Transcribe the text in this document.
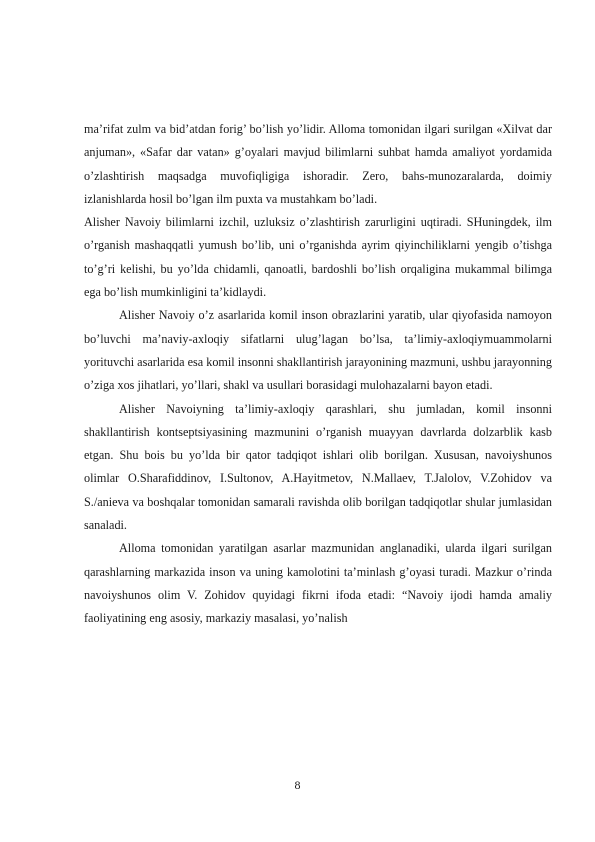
ma’rifat zulm va bid’atdan forig’ bo’lish yo’lidir. Alloma tomonidan ilgari surilgan «Xilvat dar anjuman», «Safar dar vatan» g’oyalari mavjud bilimlarni suhbat hamda amaliyot yordamida o’zlashtirish maqsadga muvofiqligiga ishoradir. Zero, bahs-munozaralarda, doimiy izlanishlarda hosil bo’lgan ilm puxta va mustahkam bo’ladi.

Alisher Navoiy bilimlarni izchil, uzluksiz o’zlashtirish zarurligini uqtiradi. SHuningdek, ilm o’rganish mashaqqatli yumush bo’lib, uni o’rganishda ayrim qiyinchiliklarni yengib o’tishga to’g’ri kelishi, bu yo’lda chidamli, qanoatli, bardoshli bo’lish orqaligina mukammal bilimga ega bo’lish mumkinligini ta’kidlaydi.

Alisher Navoiy o’z asarlarida komil inson obrazlarini yaratib, ular qiyofasida namoyon bo’luvchi ma’naviy-axloqiy sifatlarni ulug’lagan bo’lsa, ta’limiy-axloqiymuammolarni yorituvchi asarlarida esa komil insonni shakllantirish jarayonining mazmuni, ushbu jarayonning o’ziga xos jihatlari, yo’llari, shakl va usullari borasidagi mulohazalarni bayon etadi.

Alisher Navoiyning ta’limiy-axloqiy qarashlari, shu jumladan, komil insonni shakllantirish kontseptsiyasining mazmunini o’rganish muayyan davrlarda dolzarblik kasb etgan. Shu bois bu yo’lda bir qator tadqiqot ishlari olib borilgan. Xususan, navoiyshunos olimlar O.Sharafiddinov, I.Sultonov, A.Hayitmetov, N.Mallaev, T.Jalolov, V.Zohidov va S./anieva va boshqalar tomonidan samarali ravishda olib borilgan tadqiqotlar shular jumlasidan sanaladi.

Alloma tomonidan yaratilgan asarlar mazmunidan anglanadiki, ularda ilgari surilgan qarashlarning markazida inson va uning kamolotini ta’minlash g’oyasi turadi. Mazkur o’rinda navoiyshunos olim V. Zohidov quyidagi fikrni ifoda etadi: “Navoiy ijodi hamda amaliy faoliyatining eng asosiy, markaziy masalasi, yo’nalish

8
